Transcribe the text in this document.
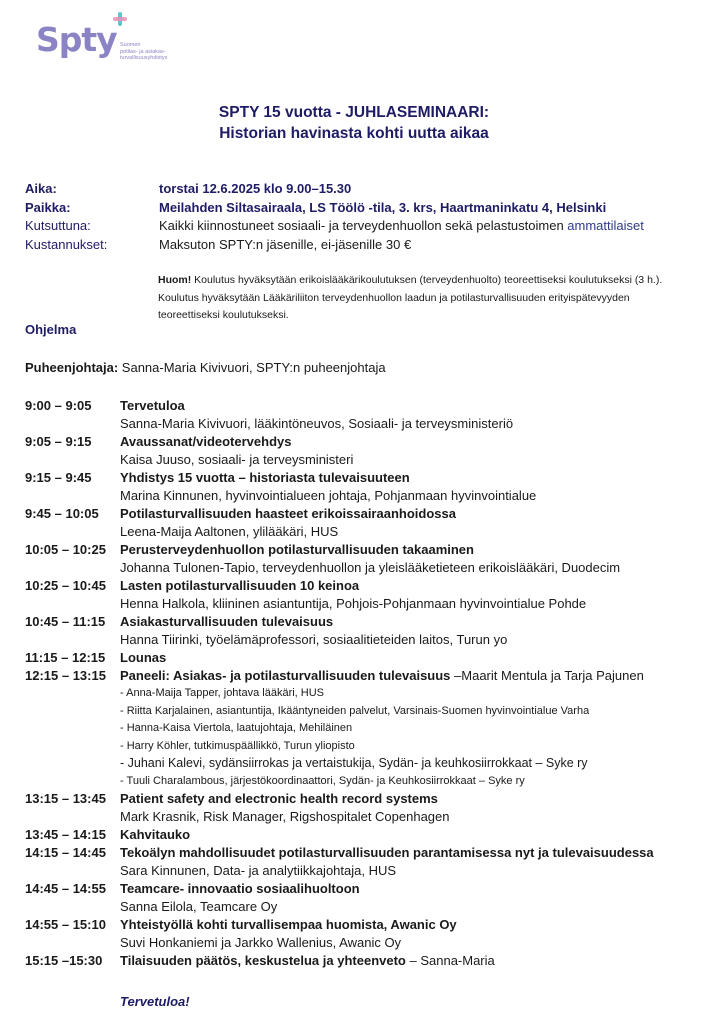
Spty Suomen
potilas- ja asiakas-
turvallisuusyhdistys
SPTY 15 vuotta - JUHLASEMINAARI:
Historian havinasta kohti uutta aikaa
Aika:	torstai 12.6.2025 klo 9.00–15.30
Paikka:	Meilahden Siltasairaala, LS Töölö -tila, 3. krs, Haartmaninkatu 4, Helsinki
Kutsuttuna:	Kaikki kiinnostuneet sosiaali- ja terveydenhuollon sekä pelastustoimen ammattilaiset
Kustannukset:	Maksuton SPTY:n jäsenille, ei-jäsenille 30 €
Huom! Koulutus hyväksytään erikoislääkärikoulutuksen (terveydenhuolto) teoreettiseksi koulutukseksi (3 h.). Koulutus hyväksytään Lääkäriliiton terveydenhuollon laadun ja potilasturvallisuuden erityispätevyyden teoreettiseksi koulutukseksi.
Ohjelma
Puheenjohtaja: Sanna-Maria Kivivuori, SPTY:n puheenjohtaja
9:00 – 9:05	Tervetuloa
Sanna-Maria Kivivuori, lääkintöneuvos, Sosiaali- ja terveysministeriö
9:05 – 9:15	Avaussanat/videotervehdys
Kaisa Juuso, sosiaali- ja terveysministeri
9:15 – 9:45	Yhdistys 15 vuotta – historiasta tulevaisuuteen
Marina Kinnunen, hyvinvointialueen johtaja, Pohjanmaan hyvinvointialue
9:45 – 10:05	Potilasturvallisuuden haasteet erikoissairaanhoidossa
Leena-Maija Aaltonen, ylilääkäri, HUS
10:05 – 10:25	Perusterveydenhuollon potilasturvallisuuden takaaminen
Johanna Tulonen-Tapio, terveydenhuollon ja yleislääketieteen erikoislääkäri, Duodecim
10:25 – 10:45	Lasten potilasturvallisuuden 10 keinoa
Henna Halkola, kliininen asiantuntija, Pohjois-Pohjanmaan hyvinvointialue Pohde
10:45 – 11:15	Asiakasturvallisuuden tulevaisuus
Hanna Tiirinki, työelämäprofessori, sosiaalitieteiden laitos, Turun yo
11:15 – 12:15	Lounas
12:15 – 13:15	Paneeli: Asiakas- ja potilasturvallisuuden tulevaisuus –Maarit Mentula ja Tarja Pajunen
- Anna-Maija Tapper, johtava lääkäri, HUS
- Riitta Karjalainen, asiantuntija, Ikääntyneiden palvelut, Varsinais-Suomen hyvinvointialue Varha
- Hanna-Kaisa Viertola, laatujohtaja, Mehiläinen
- Harry Köhler, tutkimuspäällikkö, Turun yliopisto
- Juhani Kalevi, sydänsiirrokas ja vertaistukija, Sydän- ja keuhkosiirrokkaat – Syke ry
- Tuuli Charalambous, järjestökoordinaattori, Sydän- ja Keuhkosiirrokkaat – Syke ry
13:15 – 13:45	Patient safety and electronic health record systems
Mark Krasnik, Risk Manager, Rigshospitalet Copenhagen
13:45 – 14:15	Kahvitauko
14:15 – 14:45	Tekoälyn mahdollisuudet potilasturvallisuuden parantamisessa nyt ja tulevaisuudessa
Sara Kinnunen, Data- ja analytiikkajohtaja, HUS
14:45 – 14:55	Teamcare- innovaatio sosiaalihuoltoon
Sanna Eilola, Teamcare Oy
14:55 – 15:10	Yhteistyöllä kohti turvallisempaa huomista, Awanic Oy
Suvi Honkaniemi ja Jarkko Wallenius, Awanic Oy
15:15 –15:30	Tilaisuuden päätös, keskustelua ja yhteenveto – Sanna-Maria
Tervetuloa!
